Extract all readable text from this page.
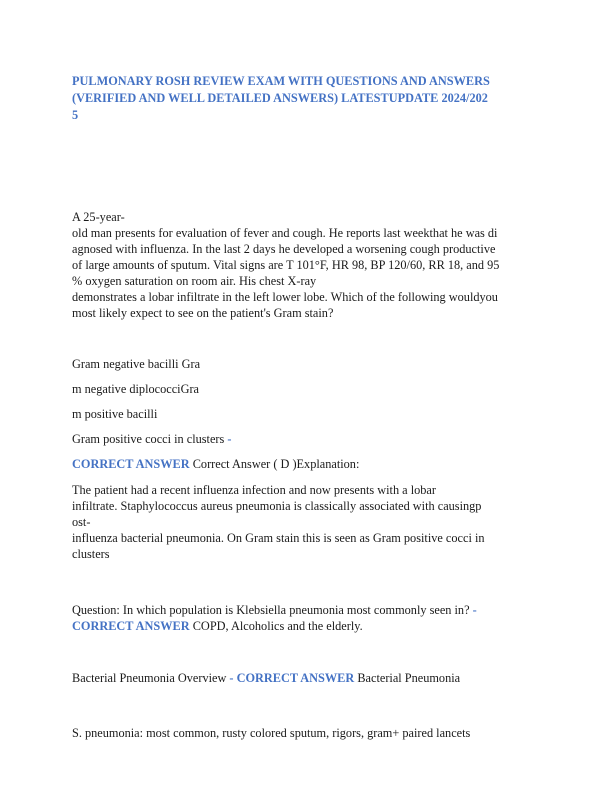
PULMONARY ROSH REVIEW EXAM WITH QUESTIONS AND ANSWERS
(VERIFIED AND WELL DETAILED ANSWERS) LATESTUPDATE 2024/202
5
A 25-year-
old man presents for evaluation of fever and cough. He reports last weekthat he was di
agnosed with influenza. In the last 2 days he developed a worsening cough productive
of large amounts of sputum. Vital signs are T 101°F, HR 98, BP 120/60, RR 18, and 95
% oxygen saturation on room air. His chest X-ray
demonstrates a lobar infiltrate in the left lower lobe. Which of the following wouldyou
most likely expect to see on the patient's Gram stain?
Gram negative bacilli Gra
m negative diplococciGra
m positive bacilli
Gram positive cocci in clusters -
CORRECT ANSWER Correct Answer ( D )Explanation:
The patient had a recent influenza infection and now presents with a lobar
infiltrate. Staphylococcus aureus pneumonia is classically associated with causingp
ost-
influenza bacterial pneumonia. On Gram stain this is seen as Gram positive cocci in
clusters
Question: In which population is Klebsiella pneumonia most commonly seen in? -
CORRECT ANSWER COPD, Alcoholics and the elderly.
Bacterial Pneumonia Overview - CORRECT ANSWER Bacterial Pneumonia
S. pneumonia: most common, rusty colored sputum, rigors, gram+ paired lancets
